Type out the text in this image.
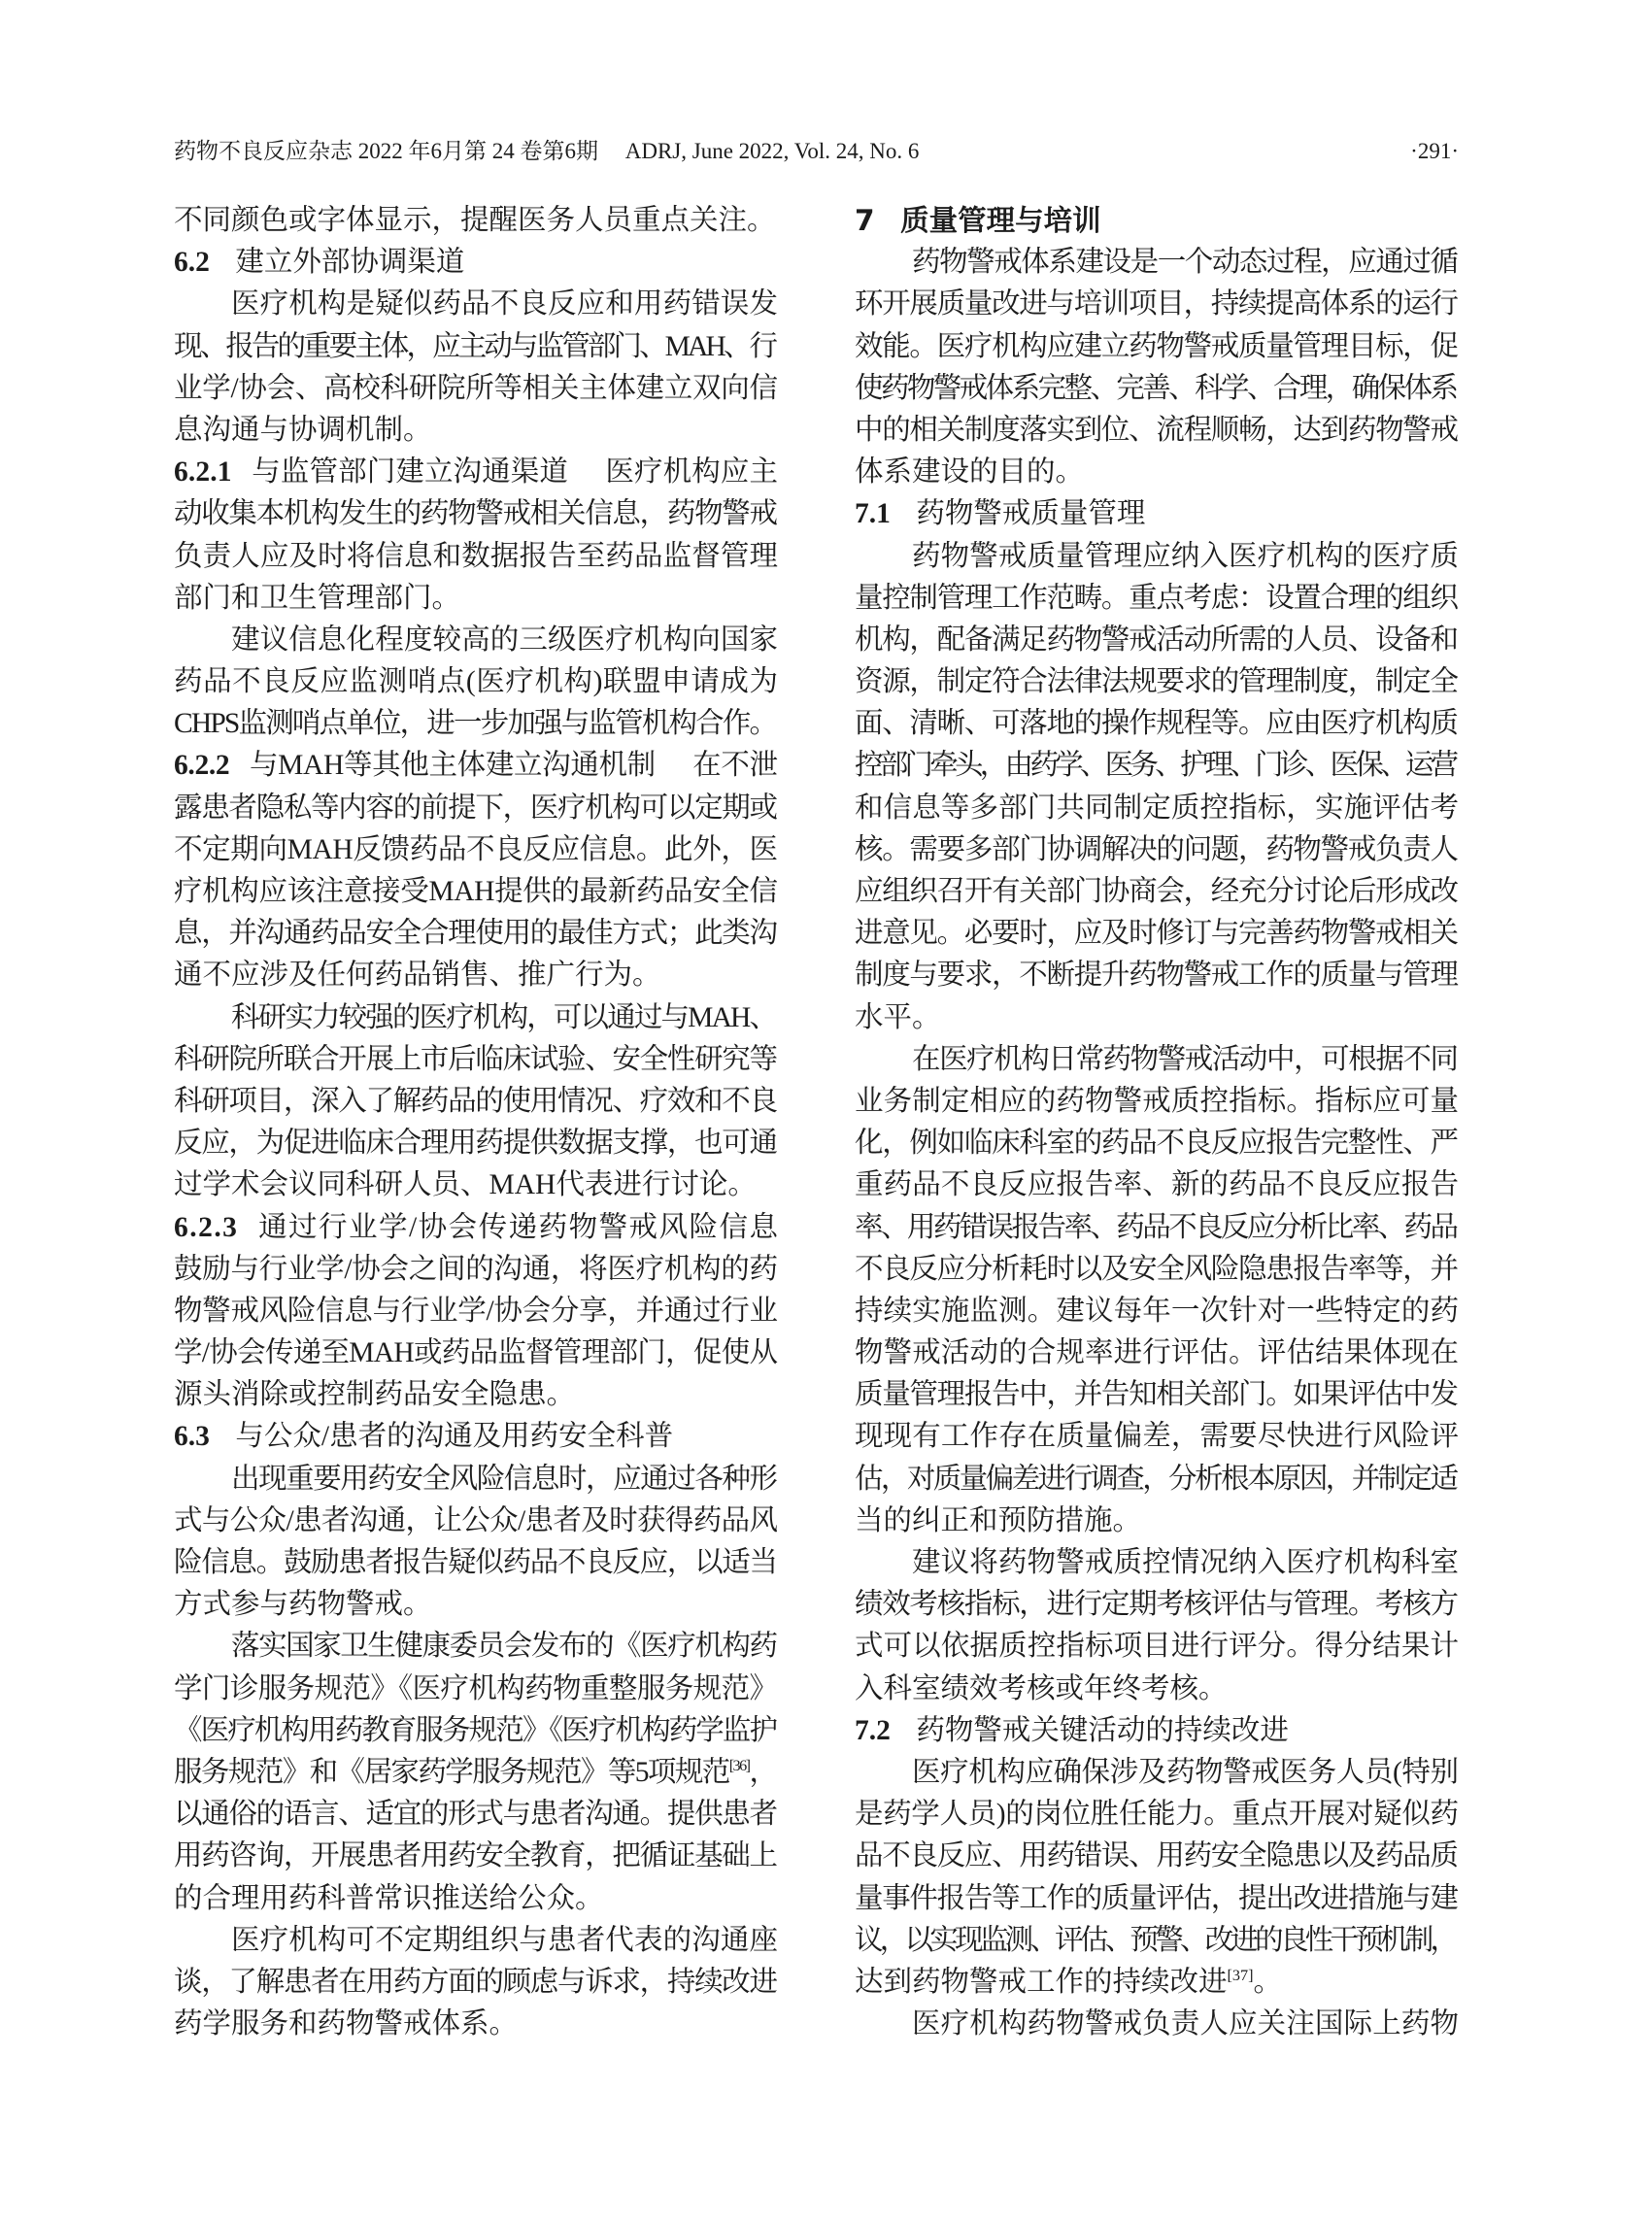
药物不良反应杂志 2022 年6月第 24 卷第6期 ADRJ, June 2022, Vol. 24, No. 6	·291·
不同颜色或字体显示，提醒医务人员重点关注。
6.2 建立外部协调渠道
医疗机构是疑似药品不良反应和用药错误发
现、报告的重要主体，应主动与监管部门、MAH、行
业学/协会、高校科研院所等相关主体建立双向信
息沟通与协调机制。
6.2.1 与监管部门建立沟通渠道 医疗机构应主
动收集本机构发生的药物警戒相关信息，药物警戒
负责人应及时将信息和数据报告至药品监督管理
部门和卫生管理部门。
建议信息化程度较高的三级医疗机构向国家
药品不良反应监测哨点(医疗机构)联盟申请成为
CHPS监测哨点单位，进一步加强与监管机构合作。
6.2.2 与MAH等其他主体建立沟通机制 在不泄
露患者隐私等内容的前提下，医疗机构可以定期或
不定期向MAH反馈药品不良反应信息。此外，医
疗机构应该注意接受MAH提供的最新药品安全信
息，并沟通药品安全合理使用的最佳方式；此类沟
通不应涉及任何药品销售、推广行为。
科研实力较强的医疗机构，可以通过与MAH、
科研院所联合开展上市后临床试验、安全性研究等
科研项目，深入了解药品的使用情况、疗效和不良
反应，为促进临床合理用药提供数据支撑，也可通
过学术会议同科研人员、MAH代表进行讨论。
6.2.3 通过行业学/协会传递药物警戒风险信息
鼓励与行业学/协会之间的沟通，将医疗机构的药
物警戒风险信息与行业学/协会分享，并通过行业
学/协会传递至MAH或药品监督管理部门，促使从
源头消除或控制药品安全隐患。
6.3 与公众/患者的沟通及用药安全科普
出现重要用药安全风险信息时，应通过各种形
式与公众/患者沟通，让公众/患者及时获得药品风
险信息。鼓励患者报告疑似药品不良反应，以适当
方式参与药物警戒。
落实国家卫生健康委员会发布的《医疗机构药
学门诊服务规范》《医疗机构药物重整服务规范》
《医疗机构用药教育服务规范》《医疗机构药学监护
服务规范》和《居家药学服务规范》等5项规范[36]，
以通俗的语言、适宜的形式与患者沟通。提供患者
用药咨询，开展患者用药安全教育，把循证基础上
的合理用药科普常识推送给公众。
医疗机构可不定期组织与患者代表的沟通座
谈，了解患者在用药方面的顾虑与诉求，持续改进
药学服务和药物警戒体系。
7 质量管理与培训
药物警戒体系建设是一个动态过程，应通过循
环开展质量改进与培训项目，持续提高体系的运行
效能。医疗机构应建立药物警戒质量管理目标，促
使药物警戒体系完整、完善、科学、合理，确保体系
中的相关制度落实到位、流程顺畅，达到药物警戒
体系建设的目的。
7.1 药物警戒质量管理
药物警戒质量管理应纳入医疗机构的医疗质
量控制管理工作范畴。重点考虑：设置合理的组织
机构，配备满足药物警戒活动所需的人员、设备和
资源，制定符合法律法规要求的管理制度，制定全
面、清晰、可落地的操作规程等。应由医疗机构质
控部门牵头，由药学、医务、护理、门诊、医保、运营
和信息等多部门共同制定质控指标，实施评估考
核。需要多部门协调解决的问题，药物警戒负责人
应组织召开有关部门协商会，经充分讨论后形成改
进意见。必要时，应及时修订与完善药物警戒相关
制度与要求，不断提升药物警戒工作的质量与管理
水平。
在医疗机构日常药物警戒活动中，可根据不同
业务制定相应的药物警戒质控指标。指标应可量
化，例如临床科室的药品不良反应报告完整性、严
重药品不良反应报告率、新的药品不良反应报告
率、用药错误报告率、药品不良反应分析比率、药品
不良反应分析耗时以及安全风险隐患报告率等，并
持续实施监测。建议每年一次针对一些特定的药
物警戒活动的合规率进行评估。评估结果体现在
质量管理报告中，并告知相关部门。如果评估中发
现现有工作存在质量偏差，需要尽快进行风险评
估，对质量偏差进行调查，分析根本原因，并制定适
当的纠正和预防措施。
建议将药物警戒质控情况纳入医疗机构科室
绩效考核指标，进行定期考核评估与管理。考核方
式可以依据质控指标项目进行评分。得分结果计
入科室绩效考核或年终考核。
7.2 药物警戒关键活动的持续改进
医疗机构应确保涉及药物警戒医务人员(特别
是药学人员)的岗位胜任能力。重点开展对疑似药
品不良反应、用药错误、用药安全隐患以及药品质
量事件报告等工作的质量评估，提出改进措施与建
议，以实现监测、评估、预警、改进的良性干预机制，
达到药物警戒工作的持续改进[37]。
医疗机构药物警戒负责人应关注国际上药物
